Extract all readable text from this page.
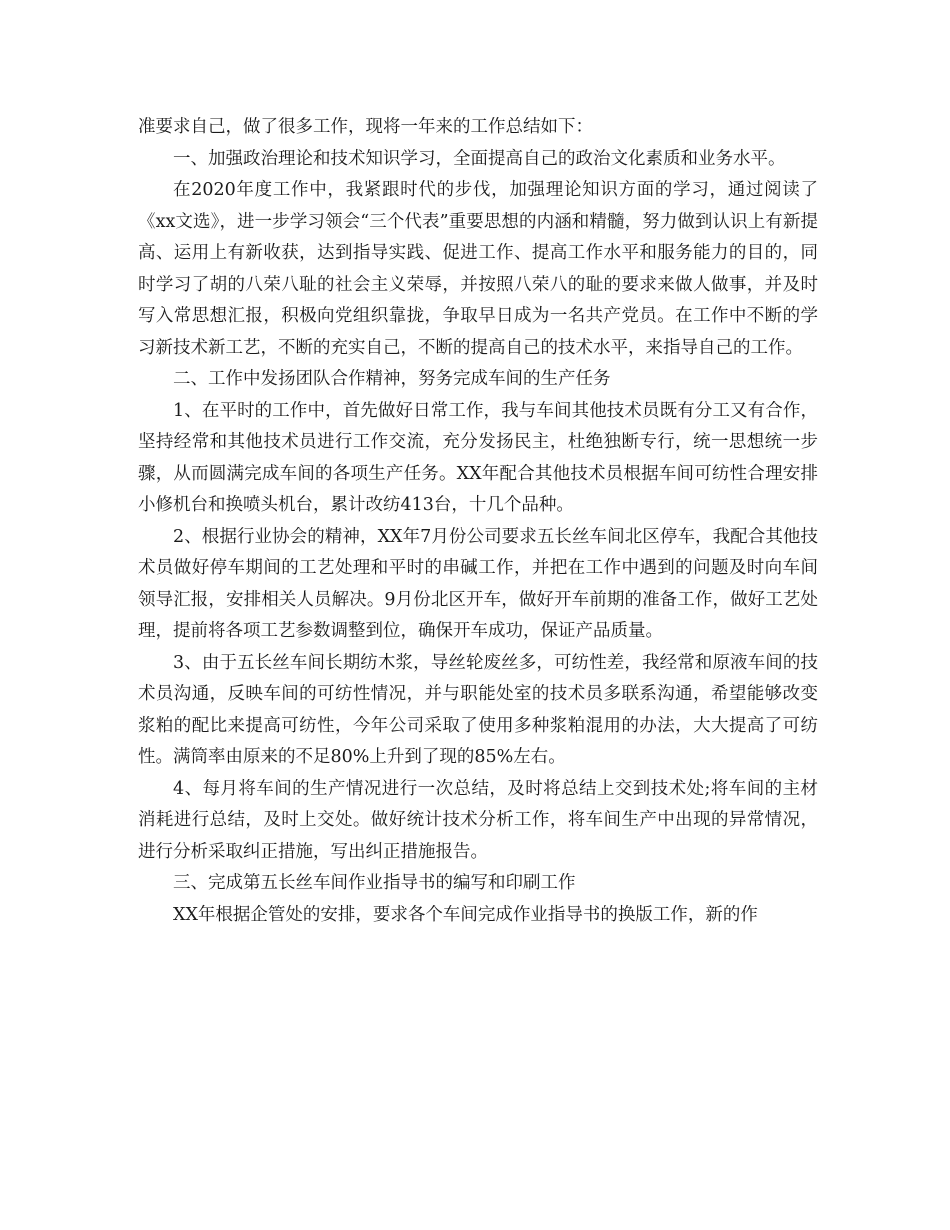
准要求自己，做了很多工作，现将一年来的工作总结如下：

一、加强政治理论和技术知识学习，全面提高自己的政治文化素质和业务水平。

在2020年度工作中，我紧跟时代的步伐，加强理论知识方面的学习，通过阅读了《xx文选》，进一步学习领会“三个代表”重要思想的内涵和精髓，努力做到认识上有新提高、运用上有新收获，达到指导实践、促进工作、提高工作水平和服务能力的目的，同时学习了胡的八荣八耻的社会主义荣辱，并按照八荣八的耻的要求来做人做事，并及时写入常思想汇报，积极向党组织靠拢，争取早日成为一名共产党员。在工作中不断的学习新技术新工艺，不断的充实自己，不断的提高自己的技术水平，来指导自己的工作。

二、工作中发扬团队合作精神，努务完成车间的生产任务

1、在平时的工作中，首先做好日常工作，我与车间其他技术员既有分工又有合作，坚持经常和其他技术员进行工作交流，充分发扬民主，杜绝独断专行，统一思想统一步骤，从而圆满完成车间的各项生产任务。XX年配合其他技术员根据车间可纺性合理安排小修机台和换喷头机台，累计改纺413台，十几个品种。

2、根据行业协会的精神，XX年7月份公司要求五长丝车间北区停车，我配合其他技术员做好停车期间的工艺处理和平时的串碱工作，并把在工作中遇到的问题及时向车间领导汇报，安排相关人员解决。9月份北区开车，做好开车前期的准备工作，做好工艺处理，提前将各项工艺参数调整到位，确保开车成功，保证产品质量。

3、由于五长丝车间长期纺木浆，导丝轮废丝多，可纺性差，我经常和原液车间的技术员沟通，反映车间的可纺性情况，并与职能处室的技术员多联系沟通，希望能够改变浆粕的配比来提高可纺性，今年公司采取了使用多种浆粕混用的办法，大大提高了可纺性。满筒率由原来的不足80%上升到了现的85%左右。

4、每月将车间的生产情况进行一次总结，及时将总结上交到技术处;将车间的主材消耗进行总结，及时上交处。做好统计技术分析工作，将车间生产中出现的异常情况，进行分析采取纠正措施，写出纠正措施报告。

三、完成第五长丝车间作业指导书的编写和印刷工作

XX年根据企管处的安排，要求各个车间完成作业指导书的换版工作，新的作
